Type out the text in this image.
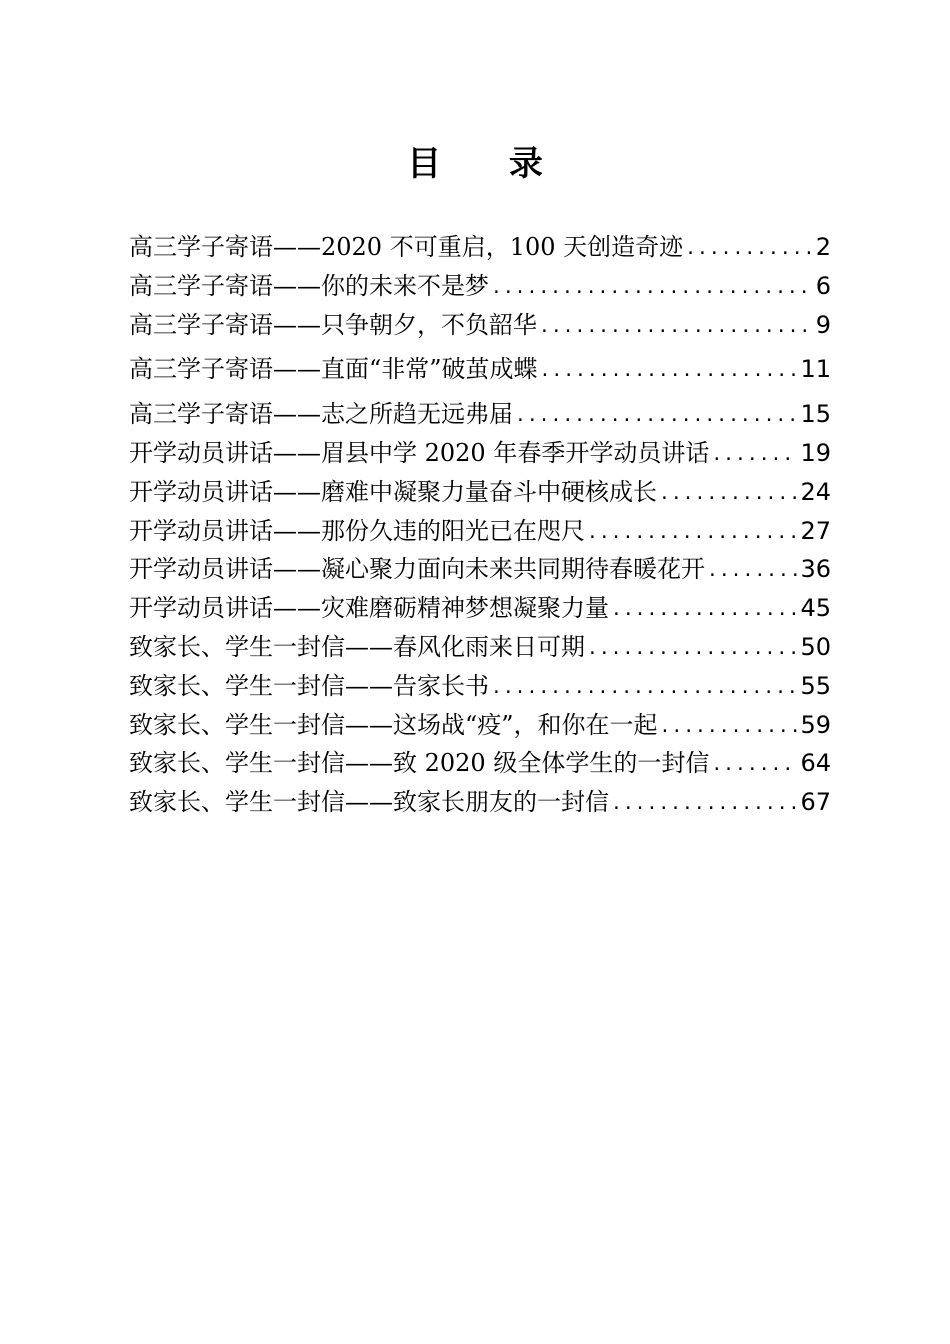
目 录
高三学子寄语——2020 不可重启，100 天创造奇迹 .....	2
高三学子寄语——你的未来不是梦 .....	6
高三学子寄语——只争朝夕，不负韶华 .....	9
高三学子寄语——直面“非常”破茧成蝶 .....	11
高三学子寄语——志之所趋无远弗届 .....	15
开学动员讲话——眉县中学 2020 年春季开学动员讲话 .....	19
开学动员讲话——磨难中凝聚力量奋斗中硬核成长 .....	24
开学动员讲话——那份久违的阳光已在咫尺 .....	27
开学动员讲话——凝心聚力面向未来共同期待春暖花开 .....	36
开学动员讲话——灾难磨砺精神梦想凝聚力量 .....	45
致家长、学生一封信——春风化雨来日可期 .....	50
致家长、学生一封信——告家长书 .....	55
致家长、学生一封信——这场战“疫”，和你在一起 .....	59
致家长、学生一封信——致 2020 级全体学生的一封信 .....	64
致家长、学生一封信——致家长朋友的一封信 .....	67
